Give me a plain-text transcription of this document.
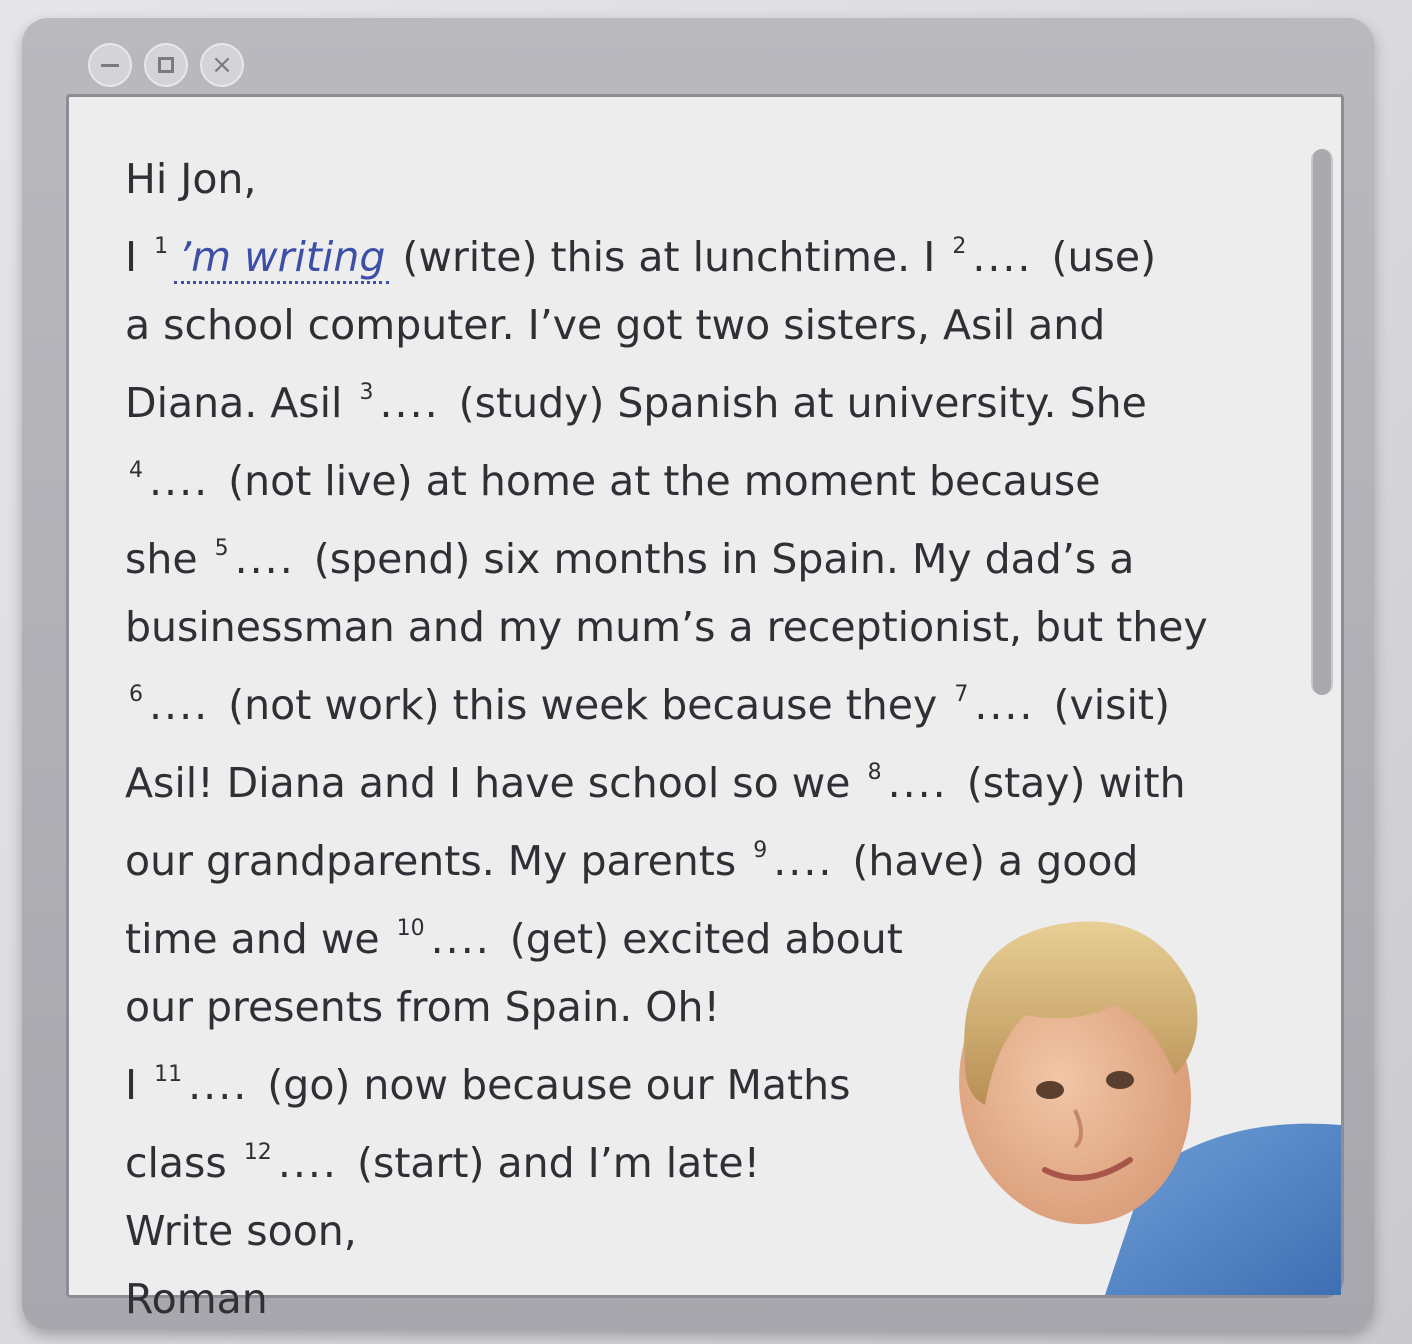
×
Hi Jon,
I $^1$ ’m writing (write) this at lunchtime. I $^2$ .... (use)
a school computer. I’ve got two sisters, Asil and
Diana. Asil $^3$ .... (study) Spanish at university. She
$^4$ .... (not live) at home at the moment because
she $^5$ .... (spend) six months in Spain. My dad’s a
businessman and my mum’s a receptionist, but they
$^6$ .... (not work) this week because they $^7$ .... (visit)
Asil! Diana and I have school so we $^8$ .... (stay) with
our grandparents. My parents $^9$ .... (have) a good
time and we $^{10}$ .... (get) excited about
our presents from Spain. Oh!
I $^{11}$ .... (go) now because our Maths
class $^{12}$ .... (start) and I’m late!
Write soon,
Roman
